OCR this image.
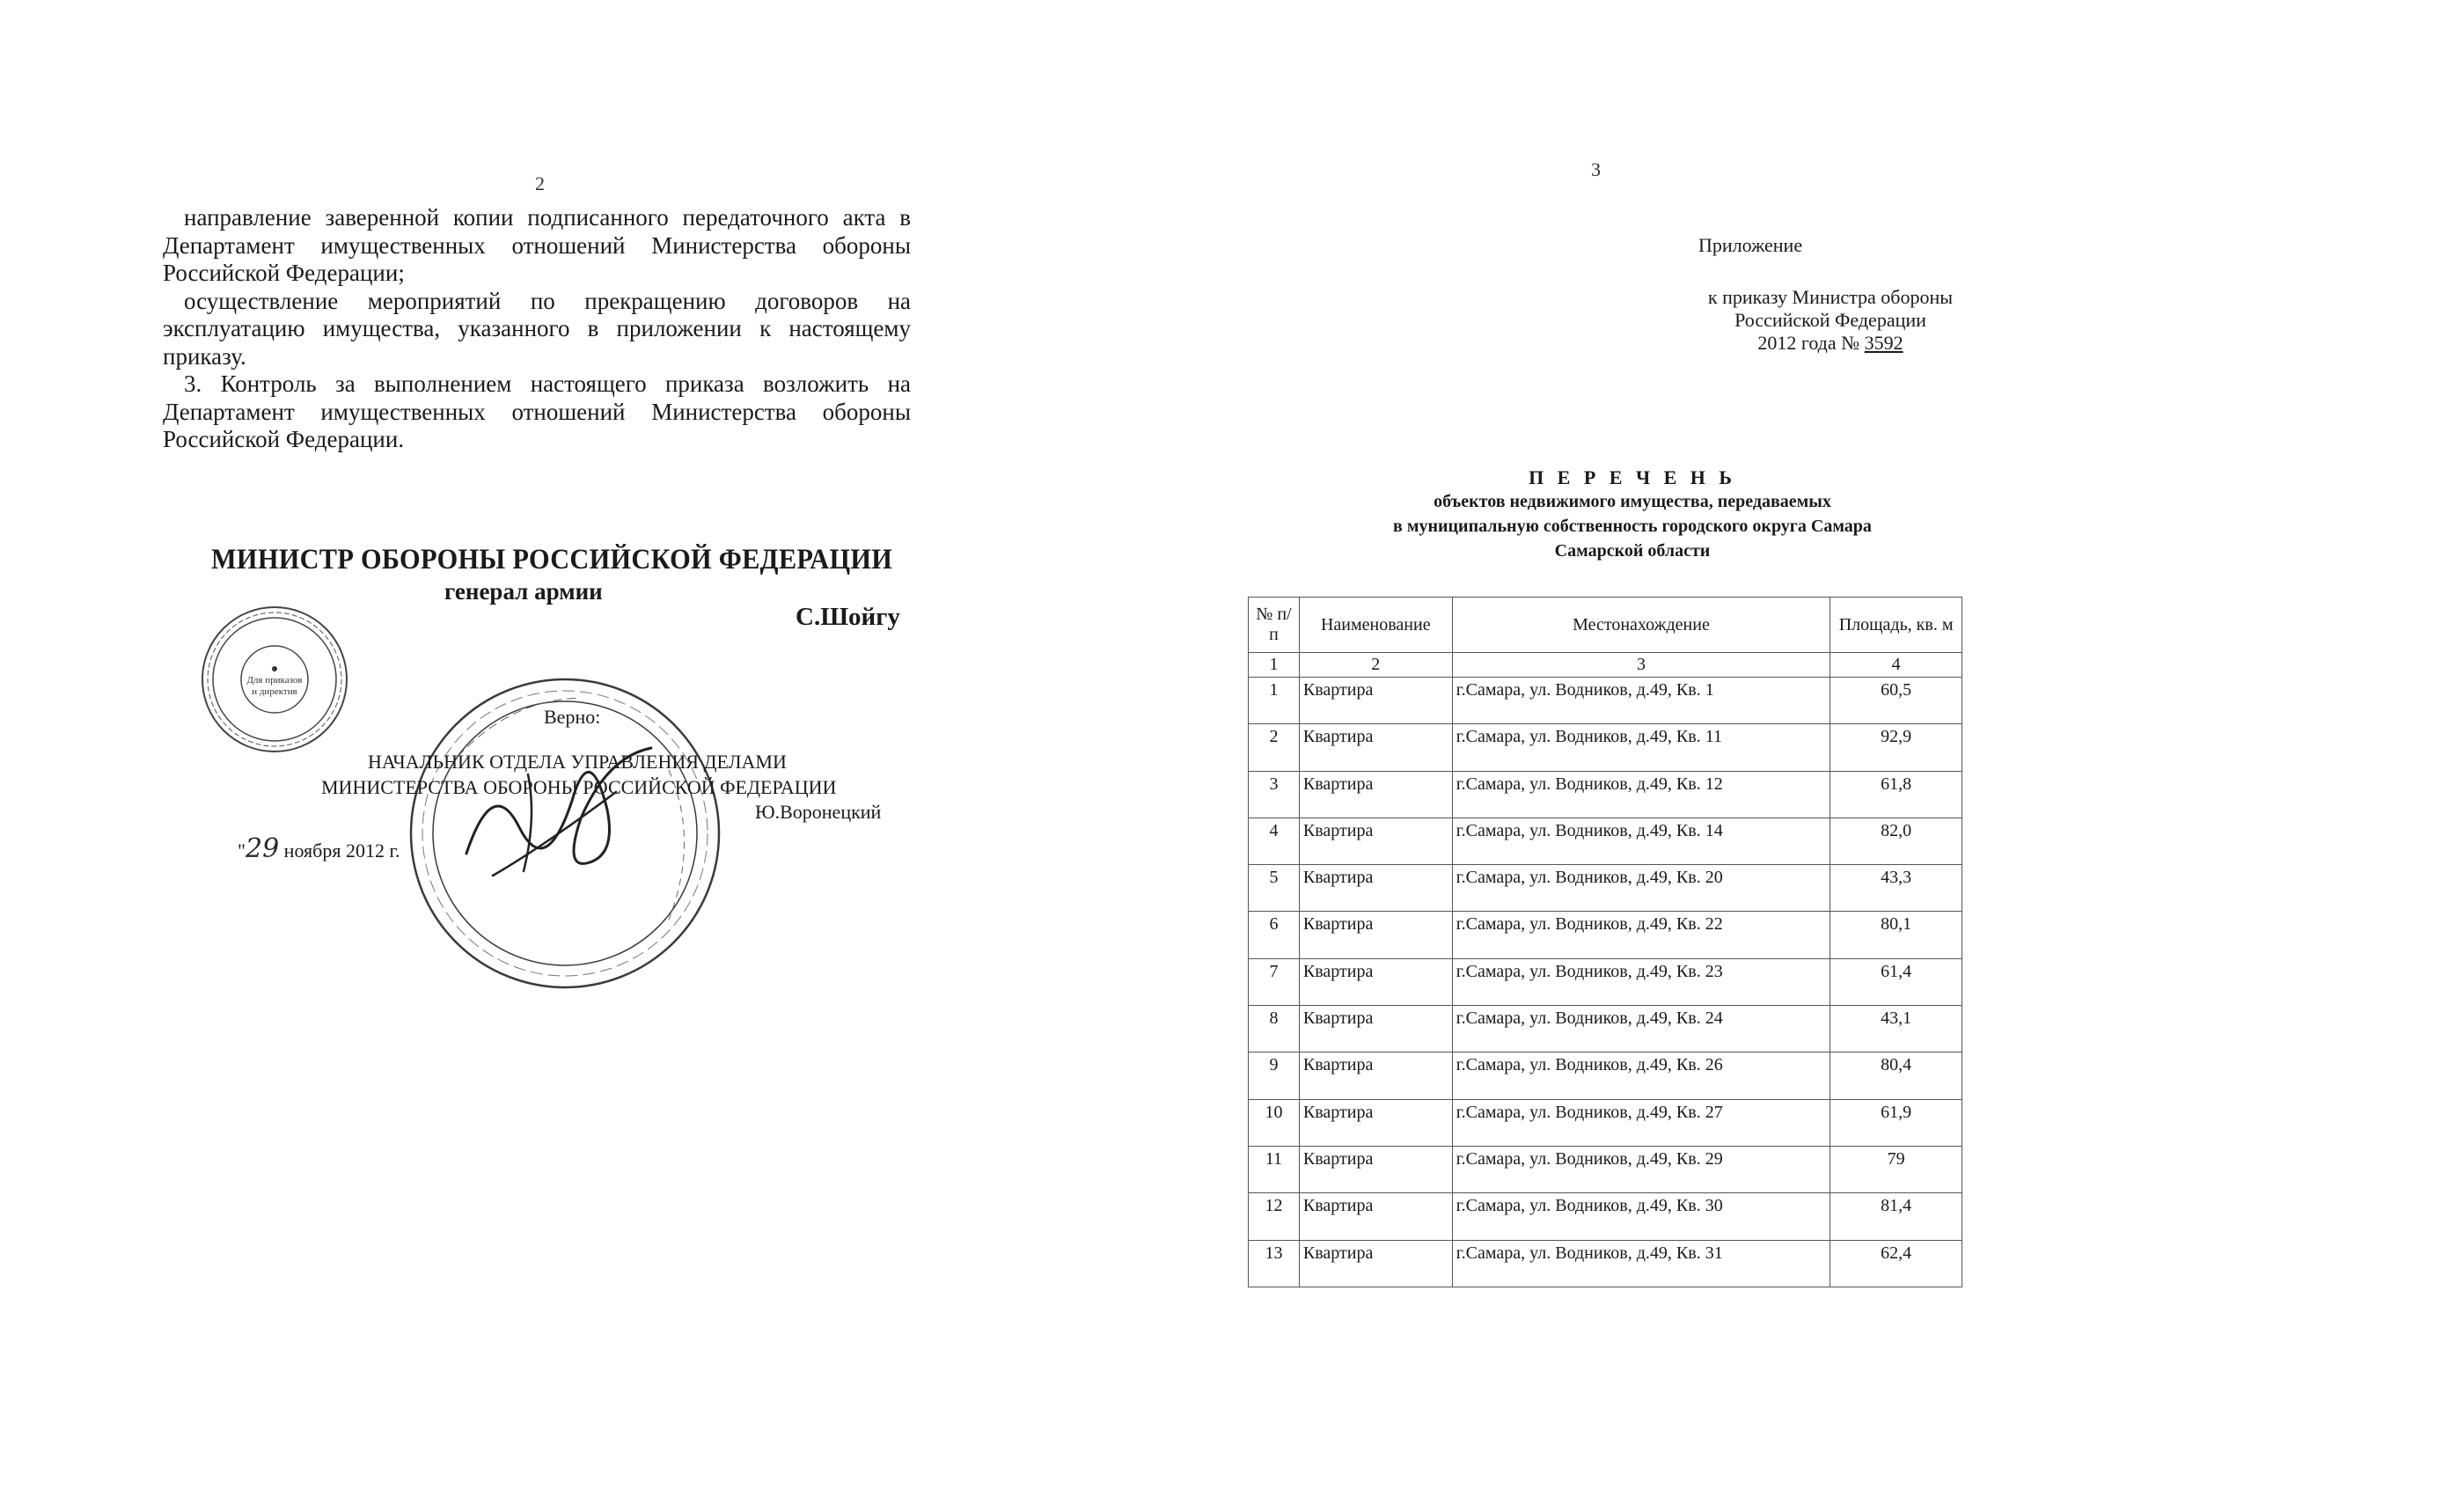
2

направление заверенной копии подписанного передаточного акта в Департамент имущественных отношений Министерства обороны Российской Федерации;

осуществление мероприятий по прекращению договоров на эксплуатацию имущества, указанного в приложении к настоящему приказу.

3. Контроль за выполнением настоящего приказа возложить на Департамент имущественных отношений Министерства обороны Российской Федерации.

МИНИСТР ОБОРОНЫ РОССИЙСКОЙ ФЕДЕРАЦИИ
генерал армии
С.Шойгу
Для приказов
и директив
Верно:
НАЧАЛЬНИК ОТДЕЛА УПРАВЛЕНИЯ ДЕЛАМИ
МИНИСТЕРСТВА ОБОРОНЫ РОССИЙСКОЙ ФЕДЕРАЦИИ
Ю.Воронецкий
"29 ноября 2012 г.
3
Приложение
к приказу Министра обороны
Российской Федерации
2012 года № 3592
П Е Р Е Ч Е Н Ь
объектов недвижимого имущества, передаваемых
в муниципальную собственность городского округа Самара
Самарской области
№ п/п	Наименование	Местонахождение	Площадь, кв. м
1	2	3	4
1	Квартира	г.Самара, ул. Водников, д.49, Кв. 1	60,5
2	Квартира	г.Самара, ул. Водников, д.49, Кв. 11	92,9
3	Квартира	г.Самара, ул. Водников, д.49, Кв. 12	61,8
4	Квартира	г.Самара, ул. Водников, д.49, Кв. 14	82,0
5	Квартира	г.Самара, ул. Водников, д.49, Кв. 20	43,3
6	Квартира	г.Самара, ул. Водников, д.49, Кв. 22	80,1
7	Квартира	г.Самара, ул. Водников, д.49, Кв. 23	61,4
8	Квартира	г.Самара, ул. Водников, д.49, Кв. 24	43,1
9	Квартира	г.Самара, ул. Водников, д.49, Кв. 26	80,4
10	Квартира	г.Самара, ул. Водников, д.49, Кв. 27	61,9
11	Квартира	г.Самара, ул. Водников, д.49, Кв. 29	79
12	Квартира	г.Самара, ул. Водников, д.49, Кв. 30	81,4
13	Квартира	г.Самара, ул. Водников, д.49, Кв. 31	62,4
